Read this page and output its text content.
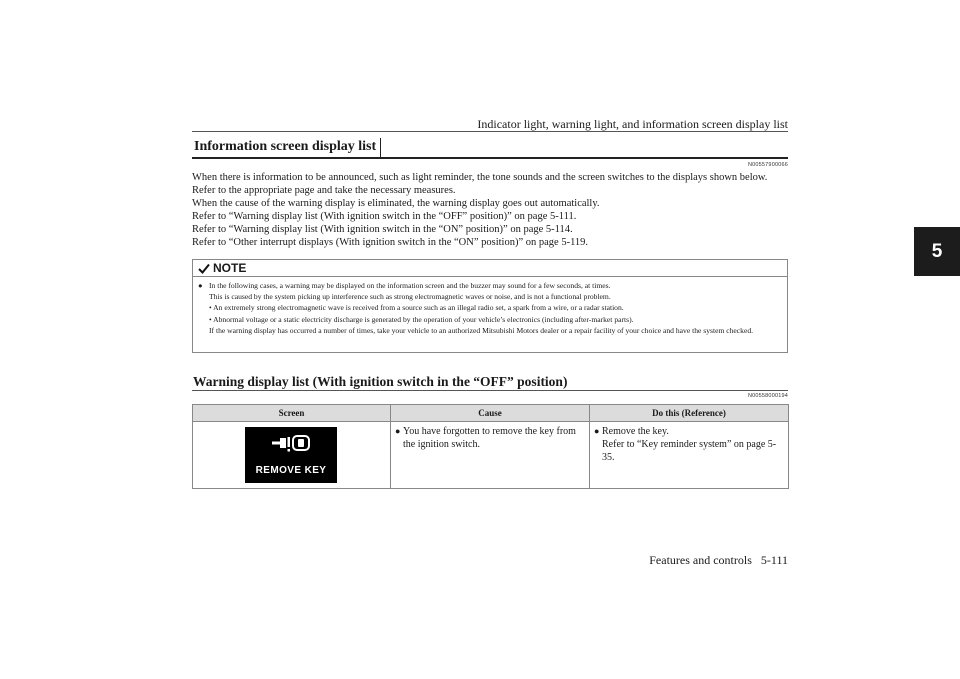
Indicator light, warning light, and information screen display list
5
Information screen display list
N00557900066

When there is information to be announced, such as light reminder, the tone sounds and the screen switches to the displays shown below. Refer to the appropriate page and take the necessary measures.

When the cause of the warning display is eliminated, the warning display goes out automatically.

Refer to “Warning display list (With ignition switch in the “OFF” position)” on page 5-111.

Refer to “Warning display list (With ignition switch in the “ON” position)” on page 5-114.

Refer to “Other interrupt displays (With ignition switch in the “ON” position)” on page 5-119.

NOTE
● In the following cases, a warning may be displayed on the information screen and the buzzer may sound for a few seconds, at times.

This is caused by the system picking up interference such as strong electromagnetic waves or noise, and is not a functional problem.

• An extremely strong electromagnetic wave is received from a source such as an illegal radio set, a spark from a wire, or a radar station.

• Abnormal voltage or a static electricity discharge is generated by the operation of your vehicle’s electronics (including after-market parts).

If the warning display has occurred a number of times, take your vehicle to an authorized Mitsubishi Motors dealer or a repair facility of your choice and have the system checked.

Warning display list (With ignition switch in the “OFF” position)
N00558000194
Screen	Cause	Do this (Reference)

REMOVE KEY	● You have forgotten to remove the key from the ignition switch.	● Remove the key.
Refer to “Key reminder system” on page 5-35.
Features and controls 5-111
